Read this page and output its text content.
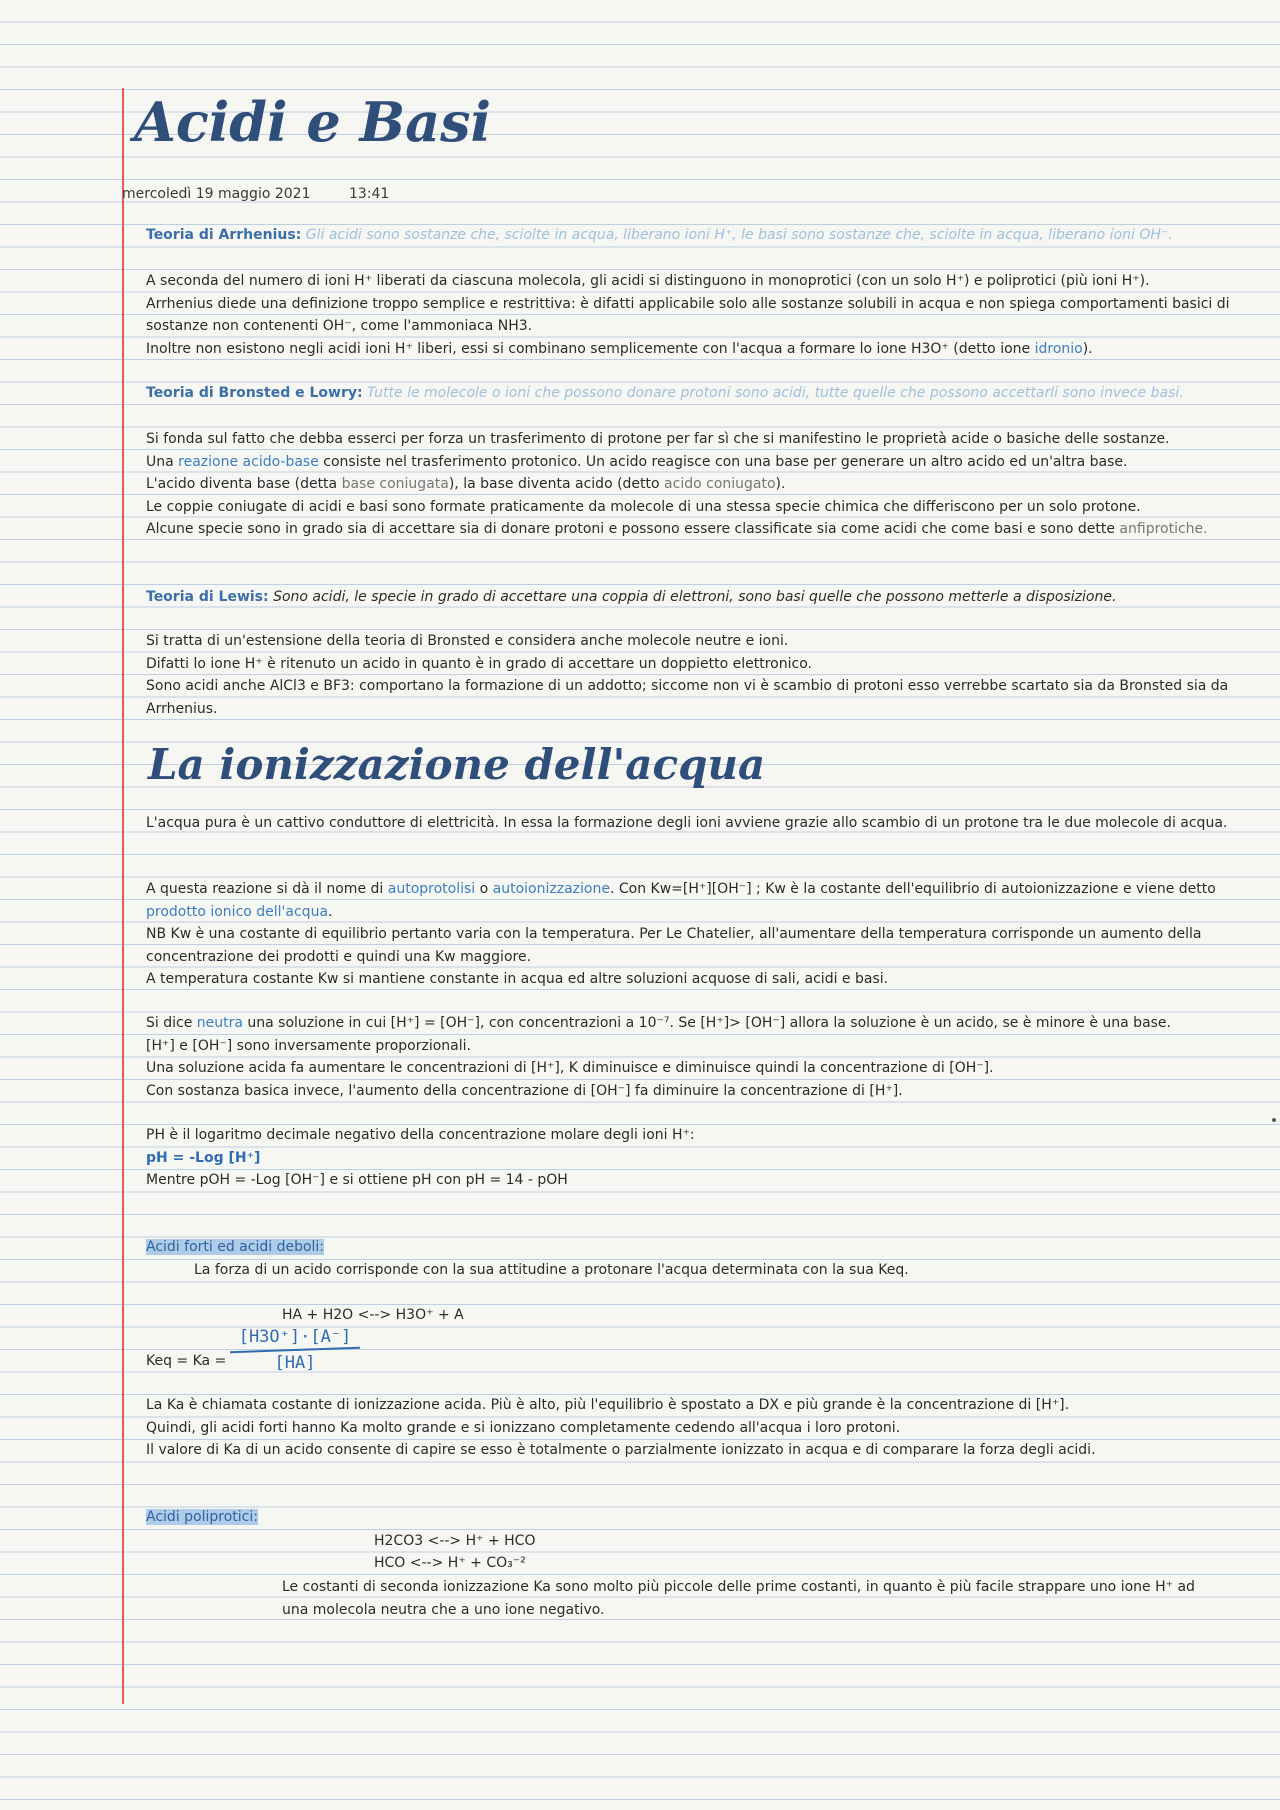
Acidi e Basi
mercoledì 19 maggio 2021	13:41

Teoria di Arrhenius: Gli acidi sono sostanze che, sciolte in acqua, liberano ioni H⁺, le basi sono sostanze che, sciolte in acqua, liberano ioni OH⁻.

A seconda del numero di ioni H⁺ liberati da ciascuna molecola, gli acidi si distinguono in monoprotici (con un solo H⁺) e poliprotici (più ioni H⁺).

Arrhenius diede una definizione troppo semplice e restrittiva: è difatti applicabile solo alle sostanze solubili in acqua e non spiega comportamenti basici di sostanze non contenenti OH⁻, come l'ammoniaca NH3.

Inoltre non esistono negli acidi ioni H⁺ liberi, essi si combinano semplicemente con l'acqua a formare lo ione H3O⁺ (detto ione idronio).

Teoria di Bronsted e Lowry: Tutte le molecole o ioni che possono donare protoni sono acidi, tutte quelle che possono accettarli sono invece basi.

Si fonda sul fatto che debba esserci per forza un trasferimento di protone per far sì che si manifestino le proprietà acide o basiche delle sostanze.

Una reazione acido-base consiste nel trasferimento protonico. Un acido reagisce con una base per generare un altro acido ed un'altra base.

L'acido diventa base (detta base coniugata), la base diventa acido (detto acido coniugato).

Le coppie coniugate di acidi e basi sono formate praticamente da molecole di una stessa specie chimica che differiscono per un solo protone.

Alcune specie sono in grado sia di accettare sia di donare protoni e possono essere classificate sia come acidi che come basi e sono dette anfiprotiche.

Teoria di Lewis: Sono acidi, le specie in grado di accettare una coppia di elettroni, sono basi quelle che possono metterle a disposizione.

Si tratta di un'estensione della teoria di Bronsted e considera anche molecole neutre e ioni.

Difatti lo ione H⁺ è ritenuto un acido in quanto è in grado di accettare un doppietto elettronico.

Sono acidi anche AlCl3 e BF3: comportano la formazione di un addotto; siccome non vi è scambio di protoni esso verrebbe scartato sia da Bronsted sia da Arrhenius.

La ionizzazione dell'acqua

L'acqua pura è un cattivo conduttore di elettricità. In essa la formazione degli ioni avviene grazie allo scambio di un protone tra le due molecole di acqua.

A questa reazione si dà il nome di autoprotolisi o autoionizzazione. Con Kw=[H⁺][OH⁻] ; Kw è la costante dell'equilibrio di autoionizzazione e viene detto prodotto ionico dell'acqua.

NB Kw è una costante di equilibrio pertanto varia con la temperatura. Per Le Chatelier, all'aumentare della temperatura corrisponde un aumento della concentrazione dei prodotti e quindi una Kw maggiore.

A temperatura costante Kw si mantiene constante in acqua ed altre soluzioni acquose di sali, acidi e basi.

Si dice neutra una soluzione in cui [H⁺] = [OH⁻], con concentrazioni a 10⁻⁷. Se [H⁺]> [OH⁻] allora la soluzione è un acido, se è minore è una base.

[H⁺] e [OH⁻] sono inversamente proporzionali.

Una soluzione acida fa aumentare le concentrazioni di [H⁺], K diminuisce e diminuisce quindi la concentrazione di [OH⁻].

Con sostanza basica invece, l'aumento della concentrazione di [OH⁻] fa diminuire la concentrazione di [H⁺].

PH è il logaritmo decimale negativo della concentrazione molare degli ioni H⁺:

pH = -Log [H⁺]

Mentre pOH = -Log [OH⁻] e si ottiene pH con pH = 14 - pOH

Acidi forti ed acidi deboli:

La forza di un acido corrisponde con la sua attitudine a protonare l'acqua determinata con la sua Keq.

HA + H2O <--> H3O⁺ + A
Keq = Ka =
[H3O⁺]·[A⁻]
[HA]

La Ka è chiamata costante di ionizzazione acida. Più è alto, più l'equilibrio è spostato a DX e più grande è la concentrazione di [H⁺].

Quindi, gli acidi forti hanno Ka molto grande e si ionizzano completamente cedendo all'acqua i loro protoni.

Il valore di Ka di un acido consente di capire se esso è totalmente o parzialmente ionizzato in acqua e di comparare la forza degli acidi.

Acidi poliprotici:

H2CO3 <--> H⁺ + HCO
HCO <--> H⁺ + CO₃⁻²

Le costanti di seconda ionizzazione Ka sono molto più piccole delle prime costanti, in quanto è più facile strappare uno ione H⁺ ad una molecola neutra che a uno ione negativo.
